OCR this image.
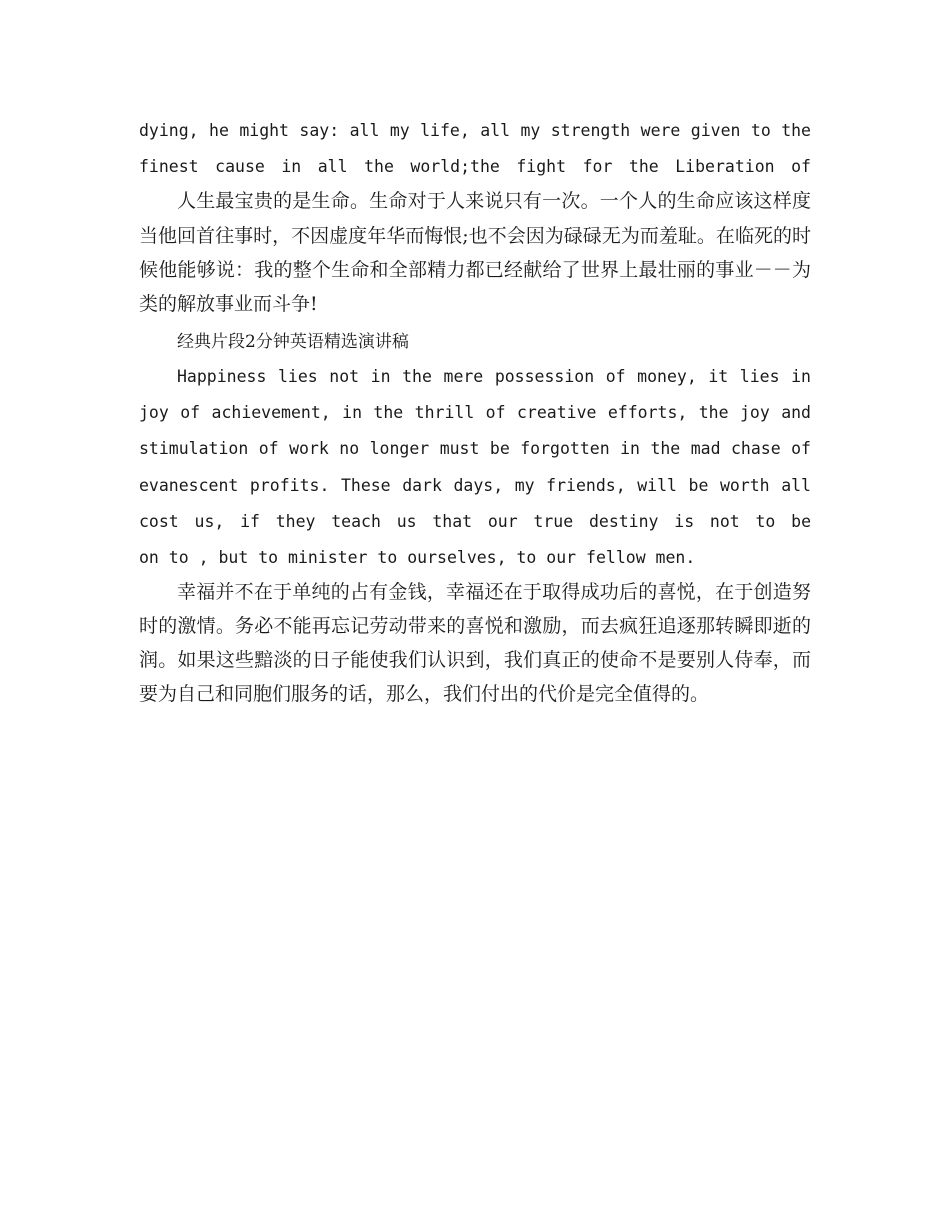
dying, he might say: all my life, all my strength were given to the
finest cause in all the world;the fight for the Liberation of
人生最宝贵的是生命。生命对于人来说只有一次。一个人的生命应该这样度
当他回首往事时，不因虚度年华而悔恨;也不会因为碌碌无为而羞耻。在临死的时
候他能够说：我的整个生命和全部精力都已经献给了世界上最壮丽的事业－－为
类的解放事业而斗争!
经典片段2分钟英语精选演讲稿
Happiness lies not in the mere possession of money, it lies in
joy of achievement, in the thrill of creative efforts, the joy and
stimulation of work no longer must be forgotten in the mad chase of
evanescent profits. These dark days, my friends, will be worth all
cost us, if they teach us that our true destiny is not to be
on to , but to minister to ourselves, to our fellow men.
幸福并不在于单纯的占有金钱，幸福还在于取得成功后的喜悦，在于创造努
时的激情。务必不能再忘记劳动带来的喜悦和激励，而去疯狂追逐那转瞬即逝的
润。如果这些黯淡的日子能使我们认识到，我们真正的使命不是要别人侍奉，而
要为自己和同胞们服务的话，那么，我们付出的代价是完全值得的。
